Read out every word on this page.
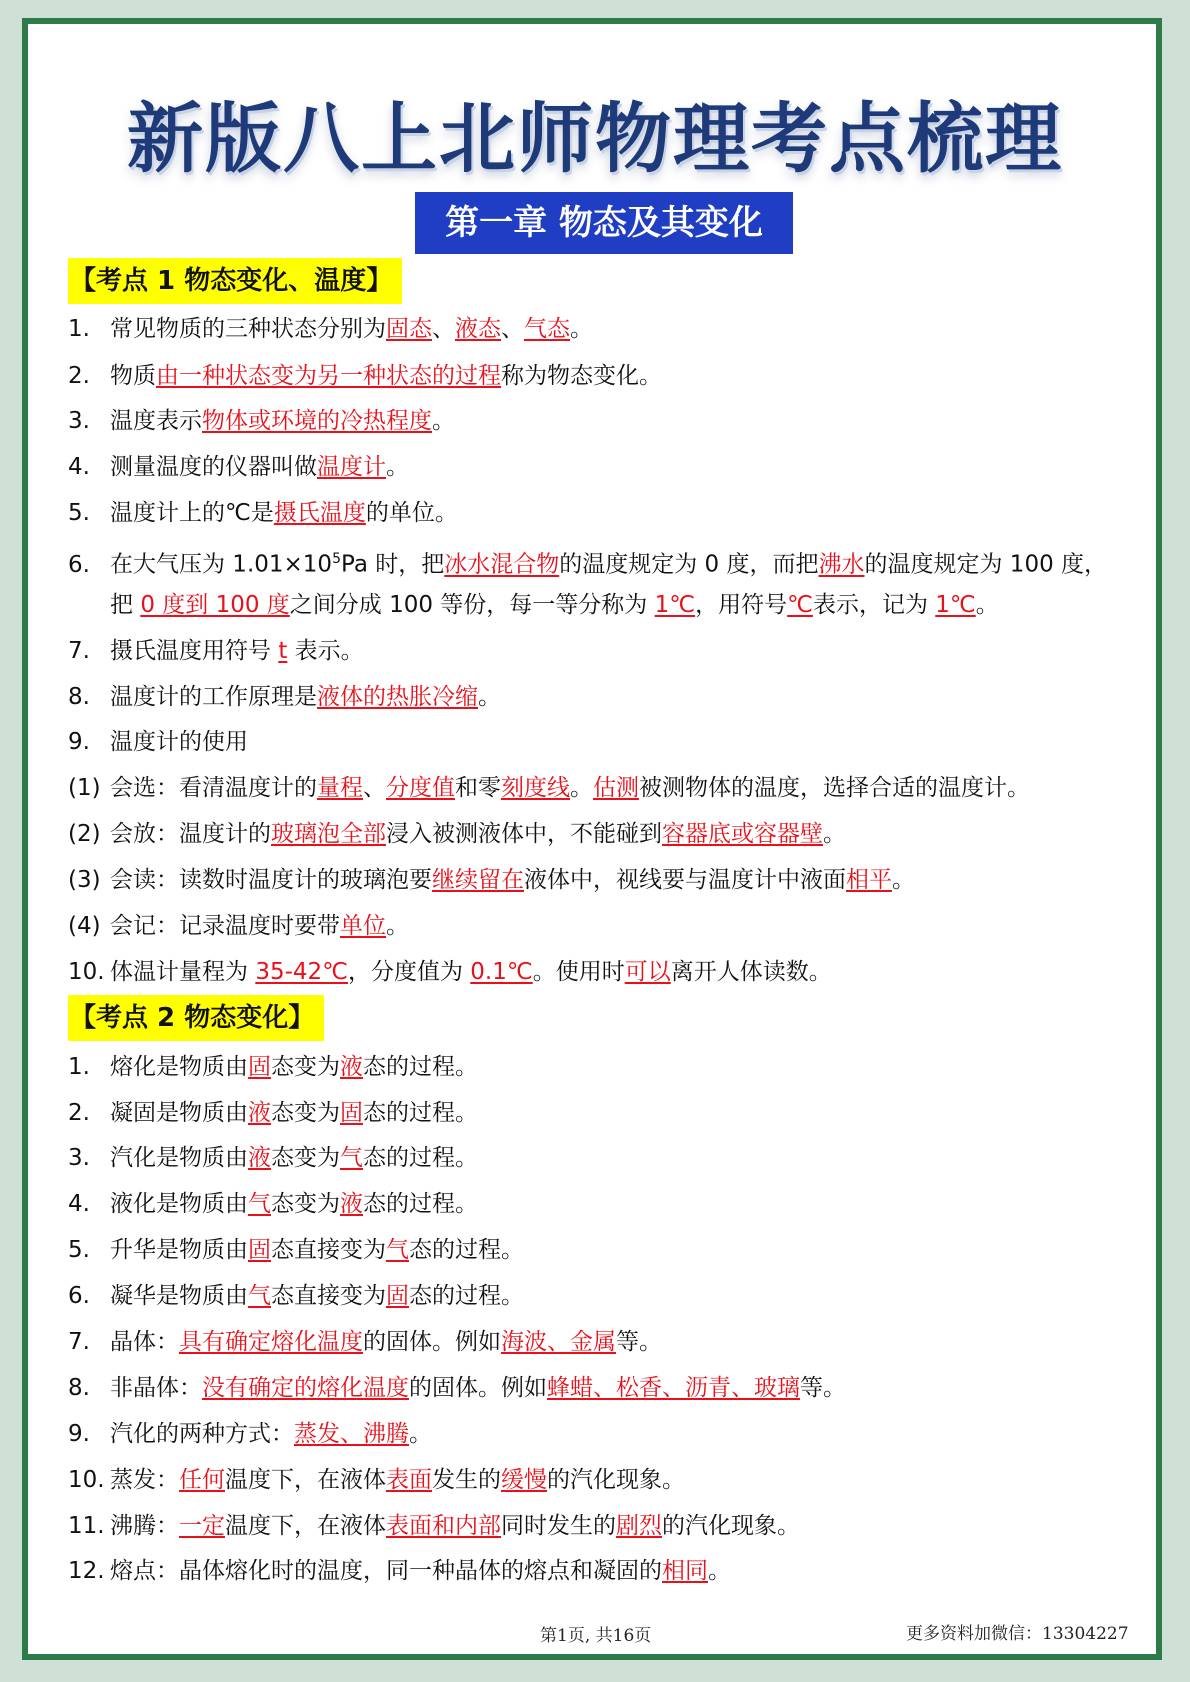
新版八上北师物理考点梳理
第一章 物态及其变化
【考点 1 物态变化、温度】
1. 常见物质的三种状态分别为固态、液态、气态。
2. 物质由一种状态变为另一种状态的过程称为物态变化。
3. 温度表示物体或环境的冷热程度。
4. 测量温度的仪器叫做温度计。
5. 温度计上的℃是摄氏温度的单位。
6. 在大气压为 $1.01\times 10^5Pa$ 时，把冰水混合物的温度规定为 0 度，而把沸水的温度规定为 100 度，
把 0 度到 100 度之间分成 100 等份，每一等分称为 1℃，用符号℃表示，记为 1℃。
7. 摄氏温度用符号 t 表示。
8. 温度计的工作原理是液体的热胀冷缩。
9. 温度计的使用
(1) 会选：看清温度计的量程、分度值和零刻度线。估测被测物体的温度，选择合适的温度计。
(2) 会放：温度计的玻璃泡全部浸入被测液体中，不能碰到容器底或容器壁。
(3) 会读：读数时温度计的玻璃泡要继续留在液体中，视线要与温度计中液面相平。
(4) 会记：记录温度时要带单位。
10. 体温计量程为 35-42℃，分度值为 0.1℃。使用时可以离开人体读数。
【考点 2 物态变化】
1. 熔化是物质由固态变为液态的过程。
2. 凝固是物质由液态变为固态的过程。
3. 汽化是物质由液态变为气态的过程。
4. 液化是物质由气态变为液态的过程。
5. 升华是物质由固态直接变为气态的过程。
6. 凝华是物质由气态直接变为固态的过程。
7. 晶体：具有确定熔化温度的固体。例如海波、金属等。
8. 非晶体：没有确定的熔化温度的固体。例如蜂蜡、松香、沥青、玻璃等。
9. 汽化的两种方式：蒸发、沸腾。
10. 蒸发：任何温度下，在液体表面发生的缓慢的汽化现象。
11. 沸腾：一定温度下，在液体表面和内部同时发生的剧烈的汽化现象。
12. 熔点：晶体熔化时的温度，同一种晶体的熔点和凝固的相同。
第1页, 共16页	更多资料加微信：13304227
